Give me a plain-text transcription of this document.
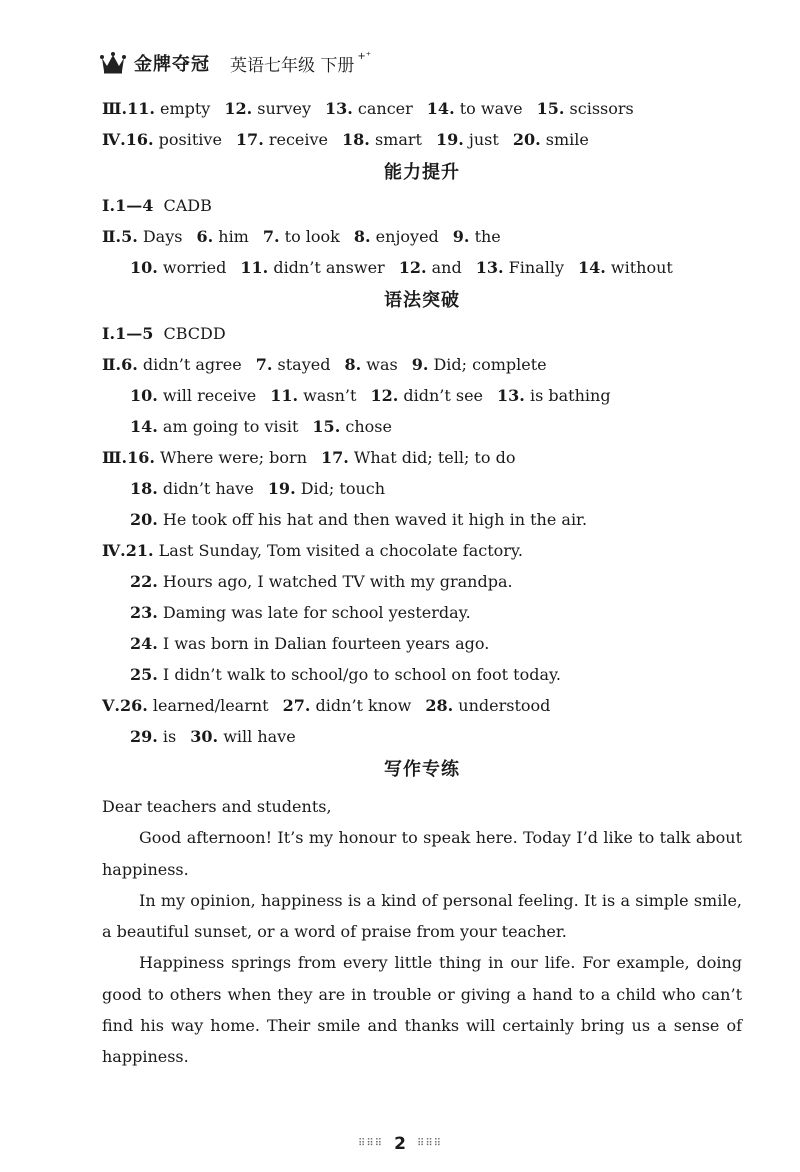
金牌夺冠 英语七年级 下册 +⁺
Ⅲ.11. empty 12. survey 13. cancer 14. to wave 15. scissors
Ⅳ.16. positive 17. receive 18. smart 19. just 20. smile
能力提升
Ⅰ.1—4  CADB
Ⅱ.5. Days 6. him 7. to look 8. enjoyed 9. the
10. worried 11. didn’t answer 12. and 13. Finally 14. without
语法突破
Ⅰ.1—5  CBCDD
Ⅱ.6. didn’t agree 7. stayed 8. was 9. Did; complete
10. will receive 11. wasn’t 12. didn’t see 13. is bathing
14. am going to visit 15. chose
Ⅲ.16. Where were; born 17. What did; tell; to do
18. didn’t have 19. Did; touch
20. He took off his hat and then waved it high in the air.
Ⅳ.21. Last Sunday, Tom visited a chocolate factory.
22. Hours ago, I watched TV with my grandpa.
23. Daming was late for school yesterday.
24. I was born in Dalian fourteen years ago.
25. I didn’t walk to school/go to school on foot today.
Ⅴ.26. learned/learnt 27. didn’t know 28. understood
29. is 30. will have
写作专练

Dear teachers and students,

Good afternoon! It’s my honour to speak here. Today I’d like to talk about happiness.

In my opinion, happiness is a kind of personal feeling. It is a simple smile, a beautiful sunset, or a word of praise from your teacher.

Happiness springs from every little thing in our life. For example, doing good to others when they are in trouble or giving a hand to a child who can’t find his way home. Their smile and thanks will certainly bring us a sense of happiness.

⠿⠿⠿ 2 ⠿⠿⠿
